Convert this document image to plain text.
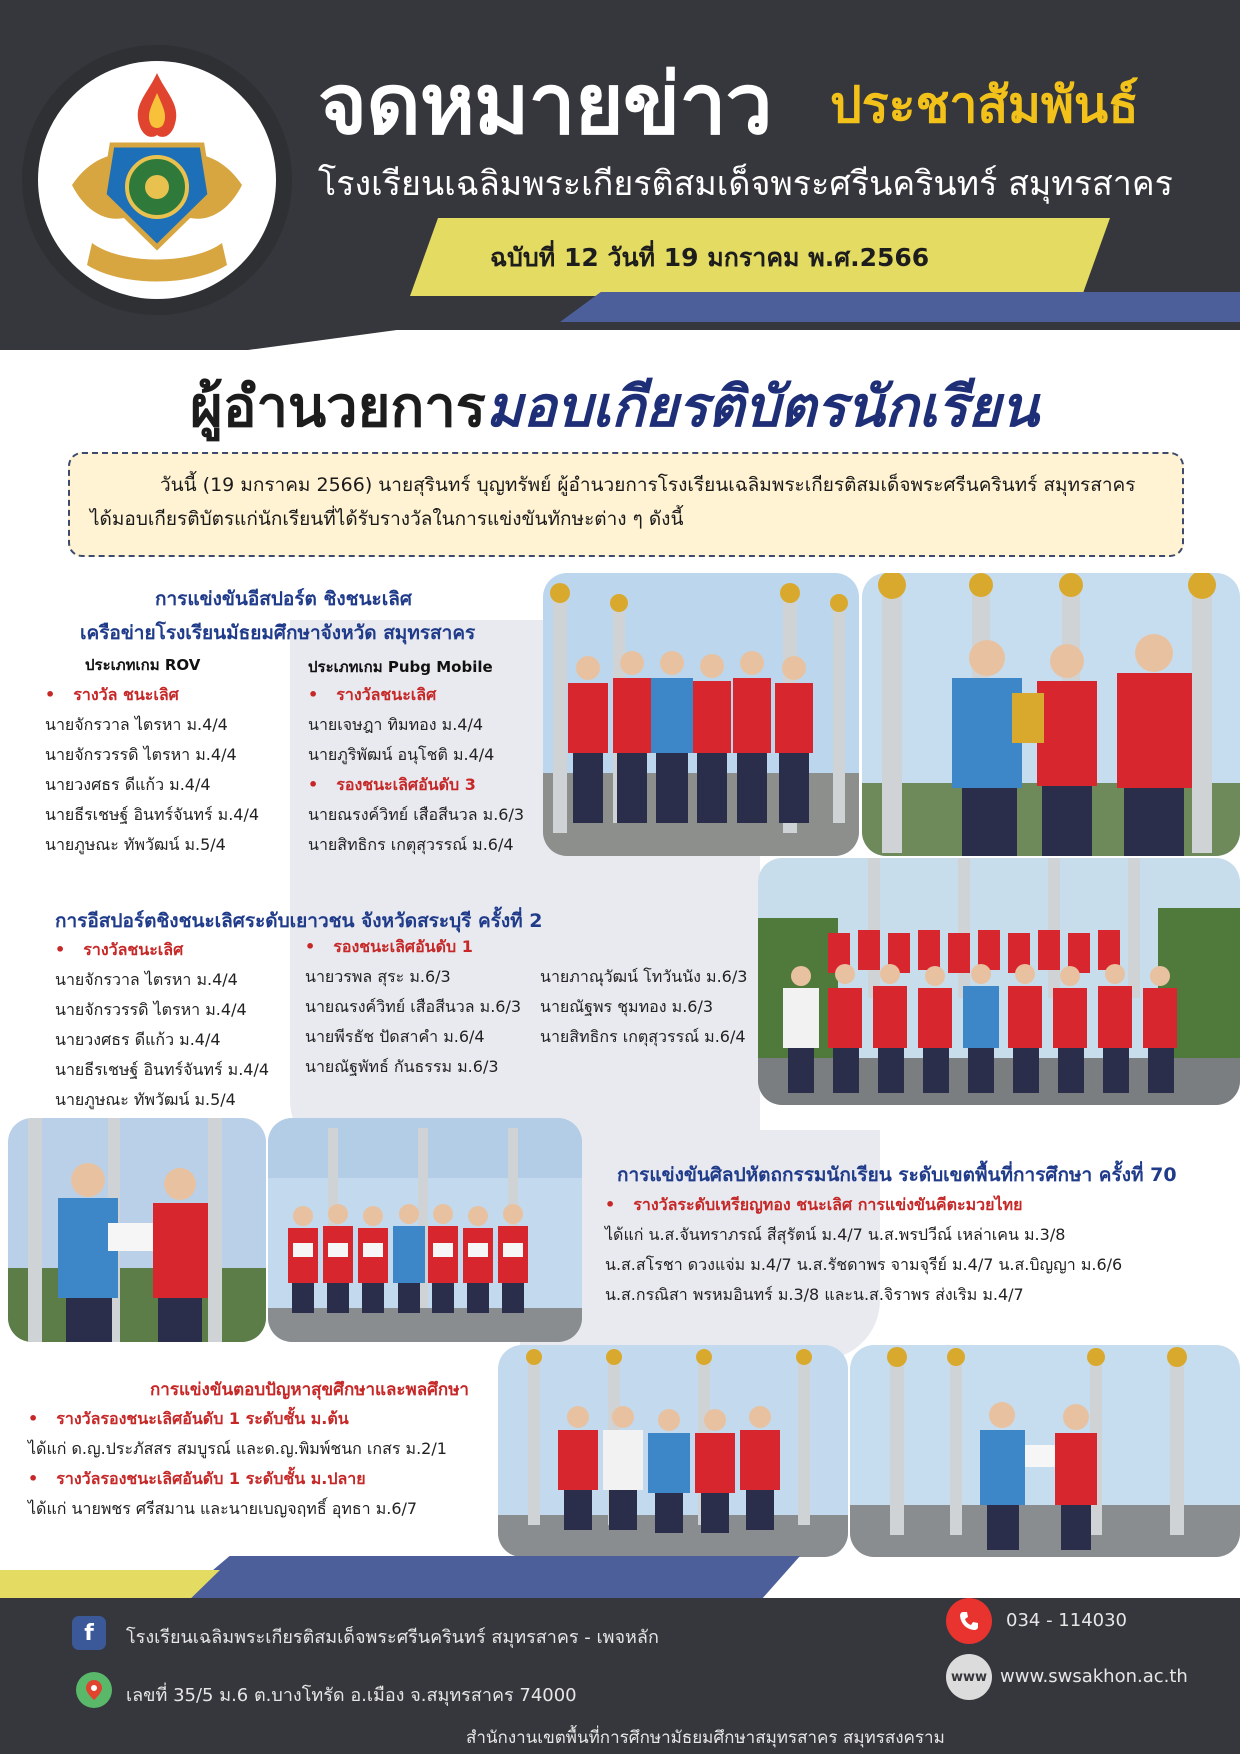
จดหมายข่าว ประชาสัมพันธ์
โรงเรียนเฉลิมพระเกียรติสมเด็จพระศรีนครินทร์ สมุทรสาคร
ฉบับที่ 12 วันที่ 19 มกราคม พ.ศ.2566
ผู้อำนวยการมอบเกียรติบัตรนักเรียน
วันนี้ (19 มกราคม 2566) นายสุรินทร์ บุญทรัพย์ ผู้อำนวยการโรงเรียนเฉลิมพระเกียรติสมเด็จพระศรีนครินทร์ สมุทรสาคร
ได้มอบเกียรติบัตรแก่นักเรียนที่ได้รับรางวัลในการแข่งขันทักษะต่าง ๆ ดังนี้
การแข่งขันอีสปอร์ต ชิงชนะเลิศ
เครือข่ายโรงเรียนมัธยมศึกษาจังหวัด สมุทรสาคร
ประเภทเกม ROV
• รางวัล ชนะเลิศ
นายจักรวาล ไตรหา ม.4/4
นายจักรวรรดิ ไตรหา ม.4/4
นายวงศธร ดีแก้ว ม.4/4
นายธีรเชษฐ์ อินทร์จันทร์ ม.4/4
นายภูษณะ ทัพวัฒน์ ม.5/4
ประเภทเกม Pubg Mobile
• รางวัลชนะเลิศ
นายเจษฎา ทิมทอง ม.4/4
นายภูริพัฒน์ อนุโชติ ม.4/4
• รองชนะเลิศอันดับ 3
นายณรงค์วิทย์ เสือสีนวล ม.6/3
นายสิทธิกร เกตุสุวรรณ์ ม.6/4
การอีสปอร์ตชิงชนะเลิศระดับเยาวชน จังหวัดสระบุรี ครั้งที่ 2
• รางวัลชนะเลิศ
นายจักรวาล ไตรหา ม.4/4
นายจักรวรรดิ ไตรหา ม.4/4
นายวงศธร ดีแก้ว ม.4/4
นายธีรเชษฐ์ อินทร์จันทร์ ม.4/4
นายภูษณะ ทัพวัฒน์ ม.5/4
• รองชนะเลิศอันดับ 1
นายวรพล สุระ ม.6/3
นายณรงค์วิทย์ เสือสีนวล ม.6/3
นายพีรธัช ปัดสาคำ ม.6/4
นายณัฐพัทธ์ กันธรรม ม.6/3
นายภาณุวัฒน์ โทวันนัง ม.6/3
นายณัฐพร ชุมทอง ม.6/3
นายสิทธิกร เกตุสุวรรณ์ ม.6/4
การแข่งขันศิลปหัตถกรรมนักเรียน ระดับเขตพื้นที่การศึกษา ครั้งที่ 70
• รางวัลระดับเหรียญทอง ชนะเลิศ การแข่งขันคีตะมวยไทย
ได้แก่ น.ส.จันทราภรณ์ สีสุรัตน์ ม.4/7 น.ส.พรปวีณ์ เหล่าเคน ม.3/8
น.ส.สโรชา ดวงแจ่ม ม.4/7 น.ส.รัชดาพร จามจุรีย์ ม.4/7 น.ส.บิญญา ม.6/6
น.ส.กรณิสา พรหมอินทร์ ม.3/8 และน.ส.จิราพร ส่งเริม ม.4/7
การแข่งขันตอบปัญหาสุขศึกษาและพลศึกษา
• รางวัลรองชนะเลิศอันดับ 1 ระดับชั้น ม.ต้น
ได้แก่ ด.ญ.ประภัสสร สมบูรณ์ และด.ญ.พิมพ์ชนก เกสร ม.2/1
• รางวัลรองชนะเลิศอันดับ 1 ระดับชั้น ม.ปลาย
ได้แก่ นายพชร ศรีสมาน และนายเบญจฤทธิ์ อุทธา ม.6/7
f	โรงเรียนเฉลิมพระเกียรติสมเด็จพระศรีนครินทร์ สมุทรสาคร - เพจหลัก
เลขที่ 35/5 ม.6 ต.บางโทรัด อ.เมือง จ.สมุทรสาคร 74000
034 - 114030
www www.swsakhon.ac.th
สำนักงานเขตพื้นที่การศึกษามัธยมศึกษาสมุทรสาคร สมุทรสงคราม
